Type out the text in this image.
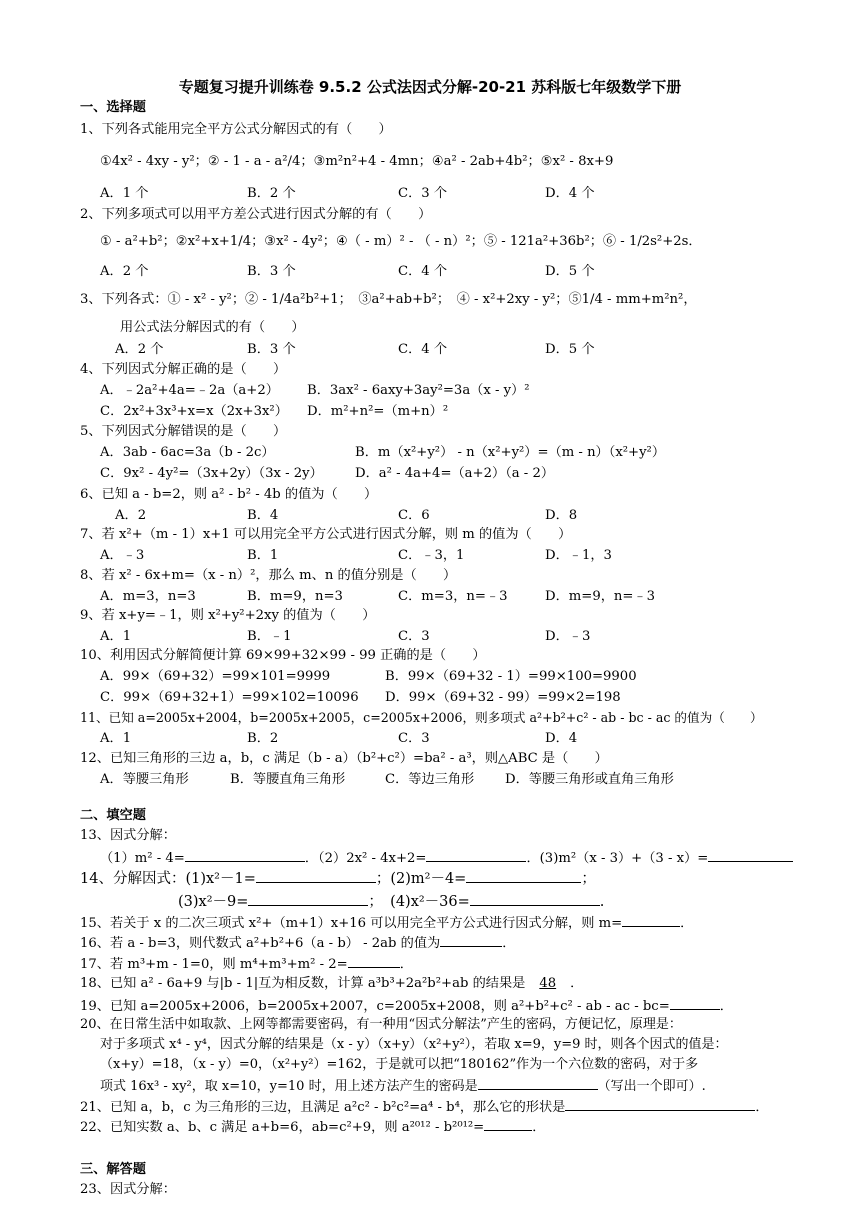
专题复习提升训练卷 9.5.2 公式法因式分解-20-21 苏科版七年级数学下册
一、选择题
1、下列各式能用完全平方公式分解因式的有（　　）
①4x² - 4xy - y²；② - 1 - a - a²/4；③m²n²+4 - 4mn；④a² - 2ab+4b²；⑤x² - 8x+9
A．1 个	B．2 个	C．3 个	D．4 个
2、下列多项式可以用平方差公式进行因式分解的有（　　）
① - a²+b²；②x²+x+1/4；③x² - 4y²；④（ - m）² - （ - n）²；⑤ - 121a²+36b²；⑥ - 1/2s²+2s．
A．2 个	B．3 个	C．4 个	D．5 个
3、下列各式：① - x² - y²；② - 1/4a²b²+1；　③a²+ab+b²；　④ - x²+2xy - y²；⑤1/4 - mm+m²n²，
用公式法分解因式的有（　　）
A．2 个	B．3 个	C．4 个	D．5 个
4、下列因式分解正确的是（　　）
A．﹣2a²+4a=﹣2a（a+2） B．3ax² - 6axy+3ay²=3a（x - y）²
C．2x²+3x³+x=x（2x+3x²） D．m²+n²=（m+n）²
5、下列因式分解错误的是（　　）
A．3ab - 6ac=3a（b - 2c）	B．m（x²+y²） - n（x²+y²）=（m - n）（x²+y²）
C．9x² - 4y²=（3x+2y）（3x - 2y） D．a² - 4a+4=（a+2）（a - 2）
6、已知 a - b=2，则 a² - b² - 4b 的值为（　　）
A．2	B．4	C．6	D．8
7、若 x²+（m - 1）x+1 可以用完全平方公式进行因式分解，则 m 的值为（　　）
A．﹣3	B．1	C．﹣3，1	D．﹣1，3
8、若 x² - 6x+m=（x - n）²，那么 m、n 的值分别是（　　）
A．m=3，n=3	B．m=9，n=3	C．m=3，n=﹣3	D．m=9，n=﹣3
9、若 x+y=﹣1，则 x²+y²+2xy 的值为（　　）
A．1	B．﹣1	C．3	D．﹣3
10、利用因式分解简便计算 69×99+32×99 - 99 正确的是（　　）
A．99×（69+32）=99×101=9999	B．99×（69+32 - 1）=99×100=9900
C．99×（69+32+1）=99×102=10096 D．99×（69+32 - 99）=99×2=198
11、已知 a=2005x+2004，b=2005x+2005，c=2005x+2006，则多项式 a²+b²+c² - ab - bc - ac 的值为（　　）
A．1	B．2	C．3	D．4
12、已知三角形的三边 a，b，c 满足（b - a）（b²+c²）=ba² - a³，则△ABC 是（　　）
A．等腰三角形	B．等腰直角三角形	C．等边三角形 D．等腰三角形或直角三角形
二、填空题
13、因式分解：
（1）m² - 4=	．（2）2x² - 4x+2=	．(3)m²（x - 3）+（3 - x）=
14、分解因式：(1)x²－1=	；(2)m²－4=	；
(3)x²－9=	；　(4)x²－36=	.
15、若关于 x 的二次三项式 x²+（m+1）x+16 可以用完全平方公式进行因式分解，则 m=	．
16、若 a - b=3，则代数式 a²+b²+6（a - b） - 2ab 的值为	．
17、若 m³+m - 1=0，则 m⁴+m³+m² - 2=	．
18、已知 a² - 6a+9 与|b - 1|互为相反数，计算 a³b³+2a²b²+ab 的结果是 48 ．
19、已知 a=2005x+2006，b=2005x+2007，c=2005x+2008，则 a²+b²+c² - ab - ac - bc=	．
20、在日常生活中如取款、上网等都需要密码，有一种用“因式分解法”产生的密码，方便记忆，原理是：
对于多项式 x⁴ - y⁴，因式分解的结果是（x - y）（x+y）（x²+y²），若取 x=9，y=9 时，则各个因式的值是：
（x+y）=18，（x - y）=0，（x²+y²）=162，于是就可以把“180162”作为一个六位数的密码，对于多
项式 16x³ - xy²，取 x=10，y=10 时，用上述方法产生的密码是	（写出一个即可）.
21、已知 a，b，c 为三角形的三边，且满足 a²c² - b²c²=a⁴ - b⁴，那么它的形状是	．
22、已知实数 a、b、c 满足 a+b=6，ab=c²+9，则 a²⁰¹² - b²⁰¹²=	．
三、解答题
23、因式分解：
